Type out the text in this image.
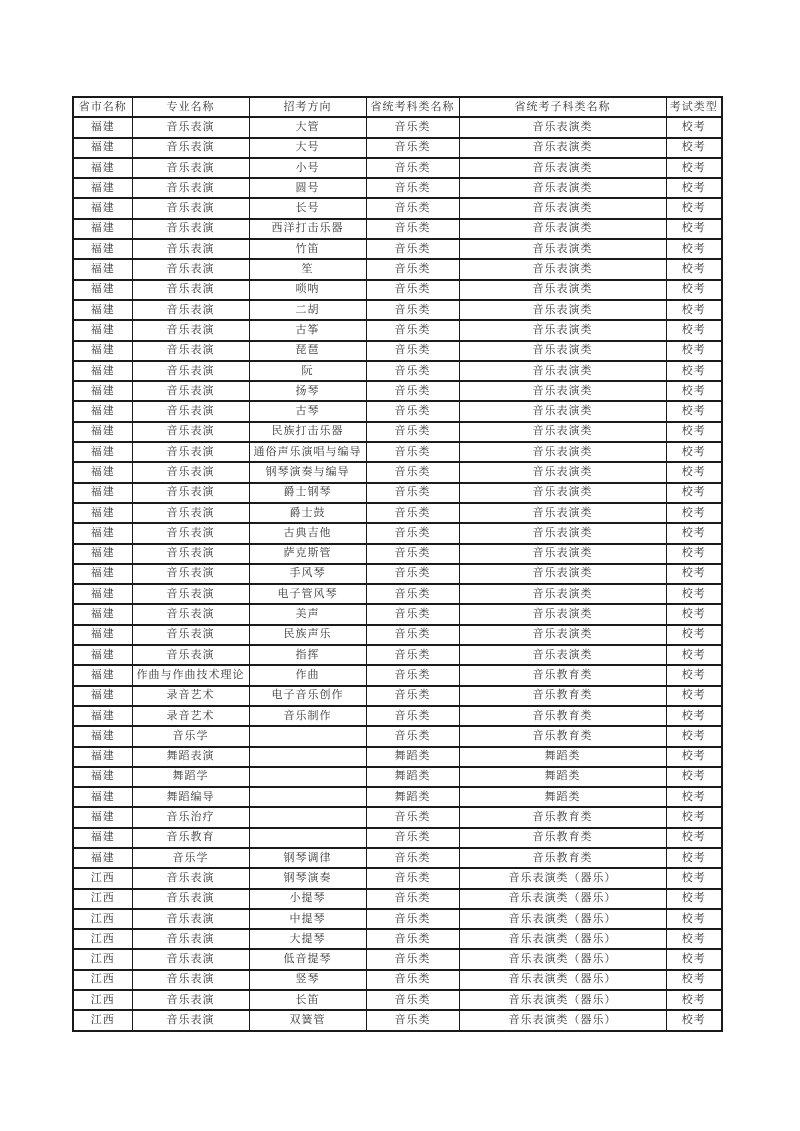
省市名称	专业名称	招考方向	省统考科类名称	省统考子科类名称	考试类型
福建	音乐表演	大管	音乐类	音乐表演类	校考
福建	音乐表演	大号	音乐类	音乐表演类	校考
福建	音乐表演	小号	音乐类	音乐表演类	校考
福建	音乐表演	圆号	音乐类	音乐表演类	校考
福建	音乐表演	长号	音乐类	音乐表演类	校考
福建	音乐表演	西洋打击乐器	音乐类	音乐表演类	校考
福建	音乐表演	竹笛	音乐类	音乐表演类	校考
福建	音乐表演	笙	音乐类	音乐表演类	校考
福建	音乐表演	唢呐	音乐类	音乐表演类	校考
福建	音乐表演	二胡	音乐类	音乐表演类	校考
福建	音乐表演	古筝	音乐类	音乐表演类	校考
福建	音乐表演	琵琶	音乐类	音乐表演类	校考
福建	音乐表演	阮	音乐类	音乐表演类	校考
福建	音乐表演	扬琴	音乐类	音乐表演类	校考
福建	音乐表演	古琴	音乐类	音乐表演类	校考
福建	音乐表演	民族打击乐器	音乐类	音乐表演类	校考
福建	音乐表演	通俗声乐演唱与编导	音乐类	音乐表演类	校考
福建	音乐表演	钢琴演奏与编导	音乐类	音乐表演类	校考
福建	音乐表演	爵士钢琴	音乐类	音乐表演类	校考
福建	音乐表演	爵士鼓	音乐类	音乐表演类	校考
福建	音乐表演	古典吉他	音乐类	音乐表演类	校考
福建	音乐表演	萨克斯管	音乐类	音乐表演类	校考
福建	音乐表演	手风琴	音乐类	音乐表演类	校考
福建	音乐表演	电子管风琴	音乐类	音乐表演类	校考
福建	音乐表演	美声	音乐类	音乐表演类	校考
福建	音乐表演	民族声乐	音乐类	音乐表演类	校考
福建	音乐表演	指挥	音乐类	音乐表演类	校考
福建	作曲与作曲技术理论	作曲	音乐类	音乐教育类	校考
福建	录音艺术	电子音乐创作	音乐类	音乐教育类	校考
福建	录音艺术	音乐制作	音乐类	音乐教育类	校考
福建	音乐学		音乐类	音乐教育类	校考
福建	舞蹈表演		舞蹈类	舞蹈类	校考
福建	舞蹈学		舞蹈类	舞蹈类	校考
福建	舞蹈编导		舞蹈类	舞蹈类	校考
福建	音乐治疗		音乐类	音乐教育类	校考
福建	音乐教育		音乐类	音乐教育类	校考
福建	音乐学	钢琴调律	音乐类	音乐教育类	校考
江西	音乐表演	钢琴演奏	音乐类	音乐表演类（器乐）	校考
江西	音乐表演	小提琴	音乐类	音乐表演类（器乐）	校考
江西	音乐表演	中提琴	音乐类	音乐表演类（器乐）	校考
江西	音乐表演	大提琴	音乐类	音乐表演类（器乐）	校考
江西	音乐表演	低音提琴	音乐类	音乐表演类（器乐）	校考
江西	音乐表演	竖琴	音乐类	音乐表演类（器乐）	校考
江西	音乐表演	长笛	音乐类	音乐表演类（器乐）	校考
江西	音乐表演	双簧管	音乐类	音乐表演类（器乐）	校考
